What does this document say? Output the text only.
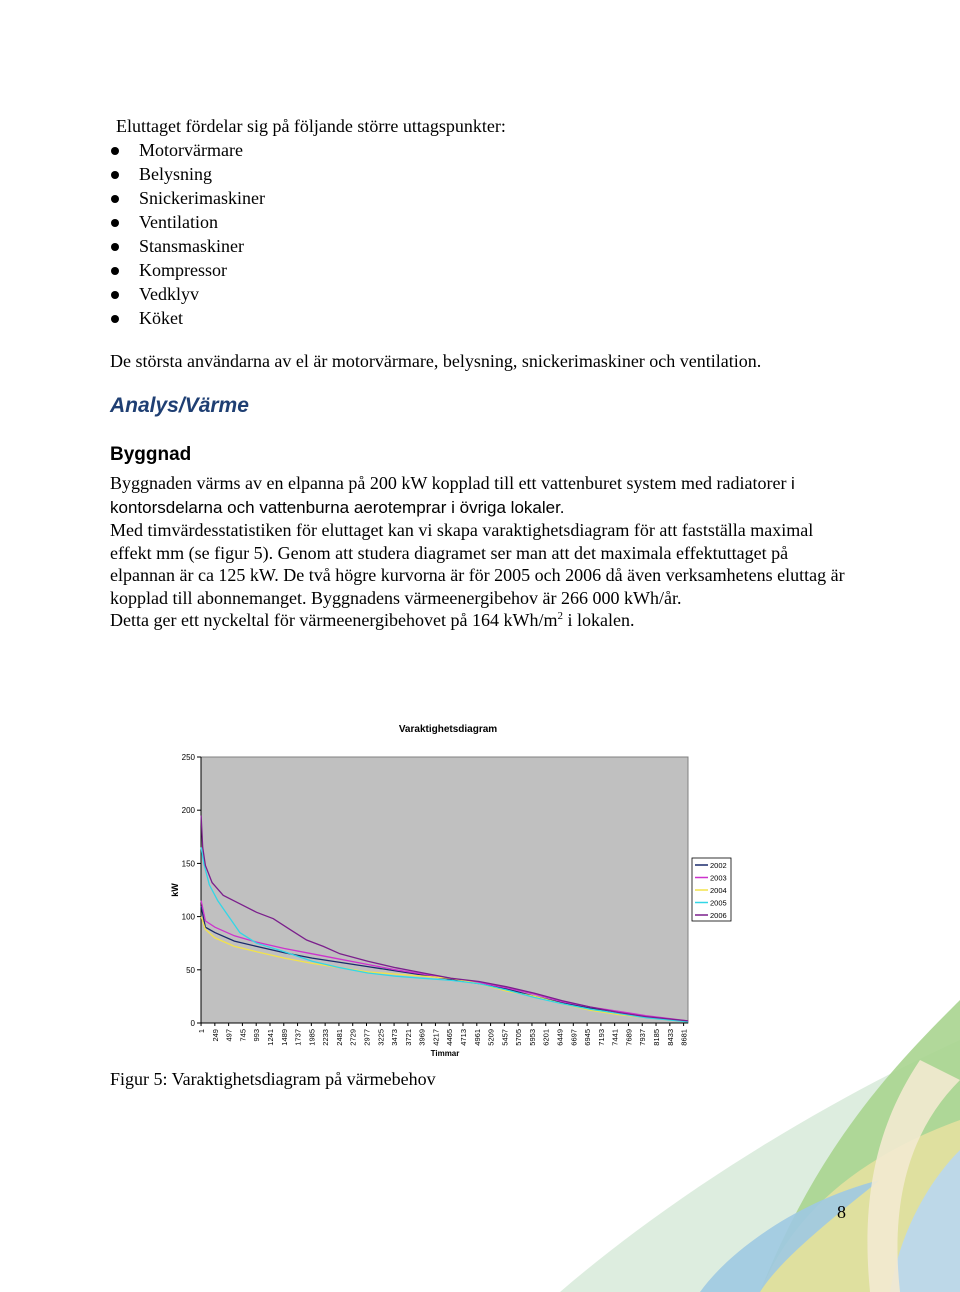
Eluttaget fördelar sig på följande större uttagspunkter:
Motorvärmare
Belysning
Snickerimaskiner
Ventilation
Stansmaskiner
Kompressor
Vedklyv
Köket
De största användarna av el är motorvärmare, belysning, snickerimaskiner och ventilation.
Analys/Värme
Byggnad

Byggnaden värms av en elpanna på 200 kW kopplad till ett vattenburet system med radiatorer i kontorsdelarna och vattenburna aerotemprar i övriga lokaler.

Med timvärdesstatistiken för eluttaget kan vi skapa varaktighetsdiagram för att fastställa maximal effekt mm (se figur 5). Genom att studera diagramet ser man att det maximala effektuttaget på elpannan är ca 125 kW. De två högre kurvorna är för 2005 och 2006 då även verksamhetens eluttag är kopplad till abonnemanget. Byggnadens värmeenergibehov är 266 000 kWh/år.

Detta ger ett nyckeltal för värmeenergibehovet på 164 kWh/$m^2$ i lokalen.

Varaktighetsdiagram
0
50
100
150
200
250
kW
1 249 497 745 993 1241 1489 1737 1985 2233 2481 2729 2977 3225 3473 3721 3969 4217 4465 4713 4961 5209 5457 5705 5953 6201 6449 6697 6945 7193 7441 7689 7937 8185 8433 8681
Timmar
2002
2003
2004
2005
2006
Figur 5: Varaktighetsdiagram på värmebehov
8
